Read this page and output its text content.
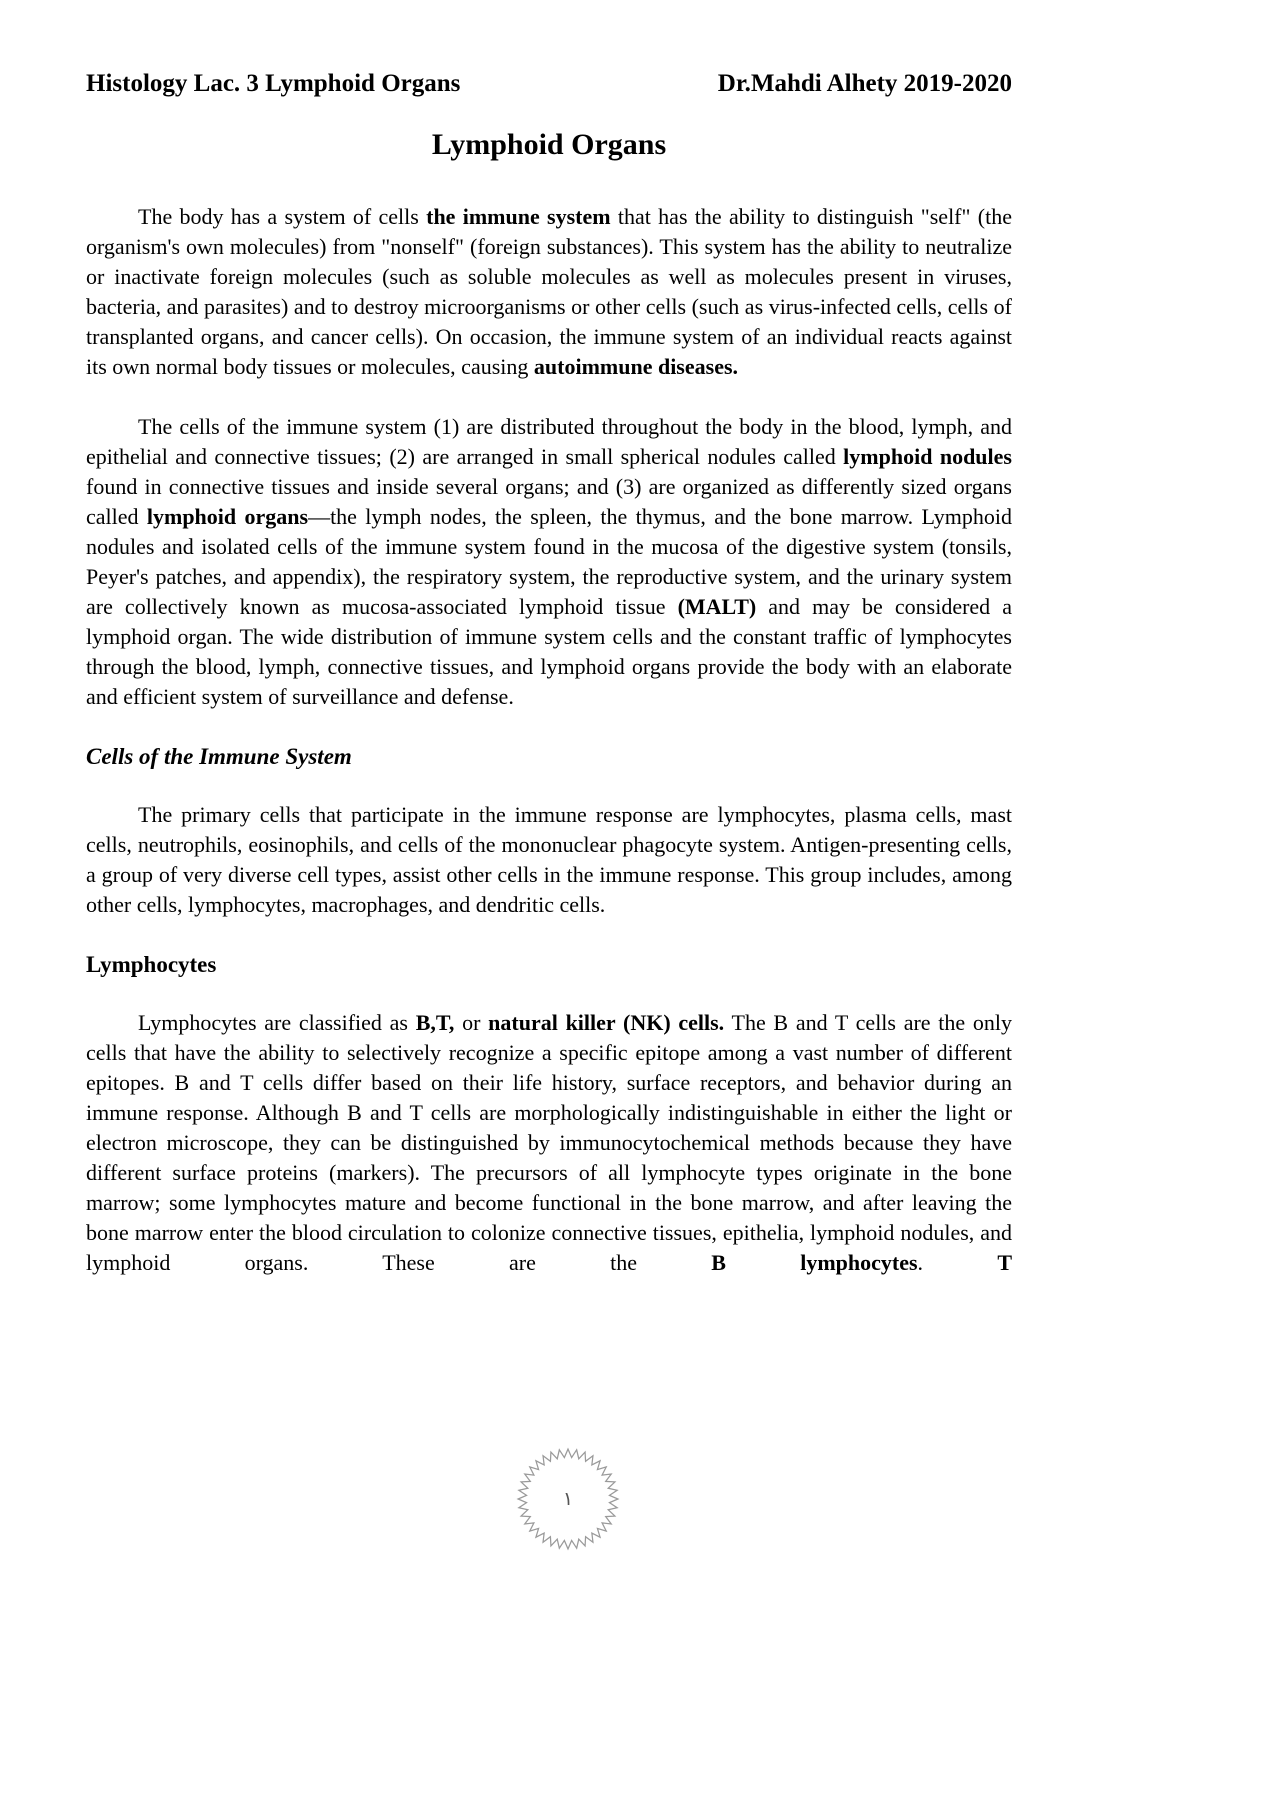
Histology Lac. 3 Lymphoid Organs	Dr.Mahdi Alhety 2019-2020
Lymphoid Organs

The body has a system of cells the immune system that has the ability to distinguish "self" (the organism's own molecules) from "nonself" (foreign substances). This system has the ability to neutralize or inactivate foreign molecules (such as soluble molecules as well as molecules present in viruses, bacteria, and parasites) and to destroy microorganisms or other cells (such as virus-infected cells, cells of transplanted organs, and cancer cells). On occasion, the immune system of an individual reacts against its own normal body tissues or molecules, causing autoimmune diseases.

The cells of the immune system (1) are distributed throughout the body in the blood, lymph, and epithelial and connective tissues; (2) are arranged in small spherical nodules called lymphoid nodules found in connective tissues and inside several organs; and (3) are organized as differently sized organs called lymphoid organs—the lymph nodes, the spleen, the thymus, and the bone marrow. Lymphoid nodules and isolated cells of the immune system found in the mucosa of the digestive system (tonsils, Peyer's patches, and appendix), the respiratory system, the reproductive system, and the urinary system are collectively known as mucosa-associated lymphoid tissue (MALT) and may be considered a lymphoid organ. The wide distribution of immune system cells and the constant traffic of lymphocytes through the blood, lymph, connective tissues, and lymphoid organs provide the body with an elaborate and efficient system of surveillance and defense.

Cells of the Immune System

The primary cells that participate in the immune response are lymphocytes, plasma cells, mast cells, neutrophils, eosinophils, and cells of the mononuclear phagocyte system. Antigen-presenting cells, a group of very diverse cell types, assist other cells in the immune response. This group includes, among other cells, lymphocytes, macrophages, and dendritic cells.

Lymphocytes

Lymphocytes are classified as B,T, or natural killer (NK) cells. The B and T cells are the only cells that have the ability to selectively recognize a specific epitope among a vast number of different epitopes. B and T cells differ based on their life history, surface receptors, and behavior during an immune response. Although B and T cells are morphologically indistinguishable in either the light or electron microscope, they can be distinguished by immunocytochemical methods because they have different surface proteins (markers). The precursors of all lymphocyte types originate in the bone marrow; some lymphocytes mature and become functional in the bone marrow, and after leaving the bone marrow enter the blood circulation to colonize connective tissues, epithelia, lymphoid nodules, and lymphoid organs. These are the B lymphocytes. T

١
